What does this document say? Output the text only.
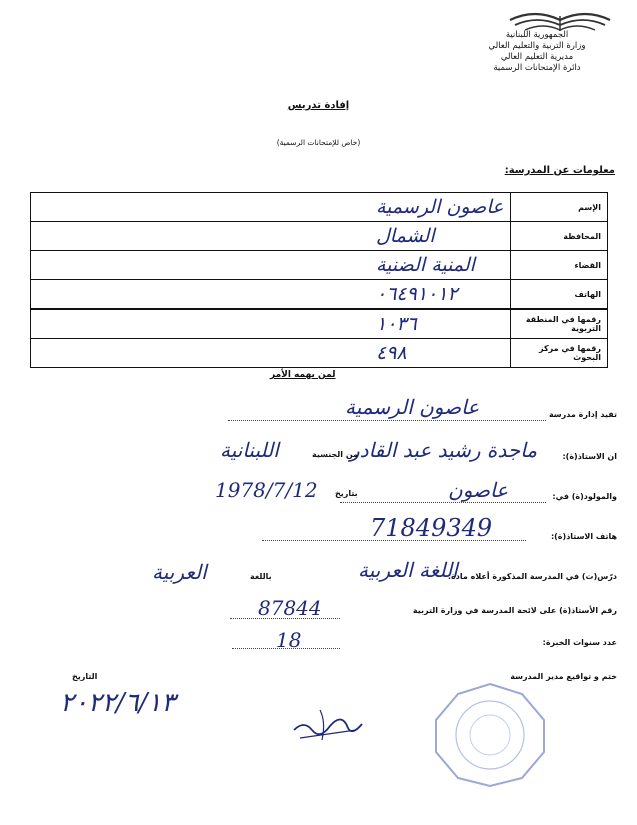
الجمهورية اللبنانية
وزارة التربية والتعليم العالي
مديرية التعليم العالي
دائرة الإمتحانات الرسمية
إفادة تدريس
(خاص للإمتحانات الرسمية)
معلومات عن المدرسة:
عاصون الرسمية	الإسم
الشمال	المحافظة
المنية الضنية	القضاء
٠٦٤٩١٠١٢	الهاتف
١٠٣٦	رقمها في المنطقة التربوية
٤٩٨	رقمها في مركز البحوث
لمن يهمه الأمر
تفيد إدارة مدرسة
عاصون الرسمية
ان الاستاذ(ة):
ماجدة رشيد عبد القادر
من الجنسية
اللبنانية
والمولود(ة) في:
عاصون
بتاريخ
1978/7/12
هاتف الاستاذ(ة):
71849349
درّس(ت) في المدرسة المذكورة أعلاه مادة:
اللغة العربية
باللغة
العربية
رقم الأستاذ(ة) على لائحة المدرسة في وزارة التربية
87844
عدد سنوات الخبرة:
18
ختم و تواقيع مدير المدرسة
التاريخ
٢٠٢٢/٦/١٣
